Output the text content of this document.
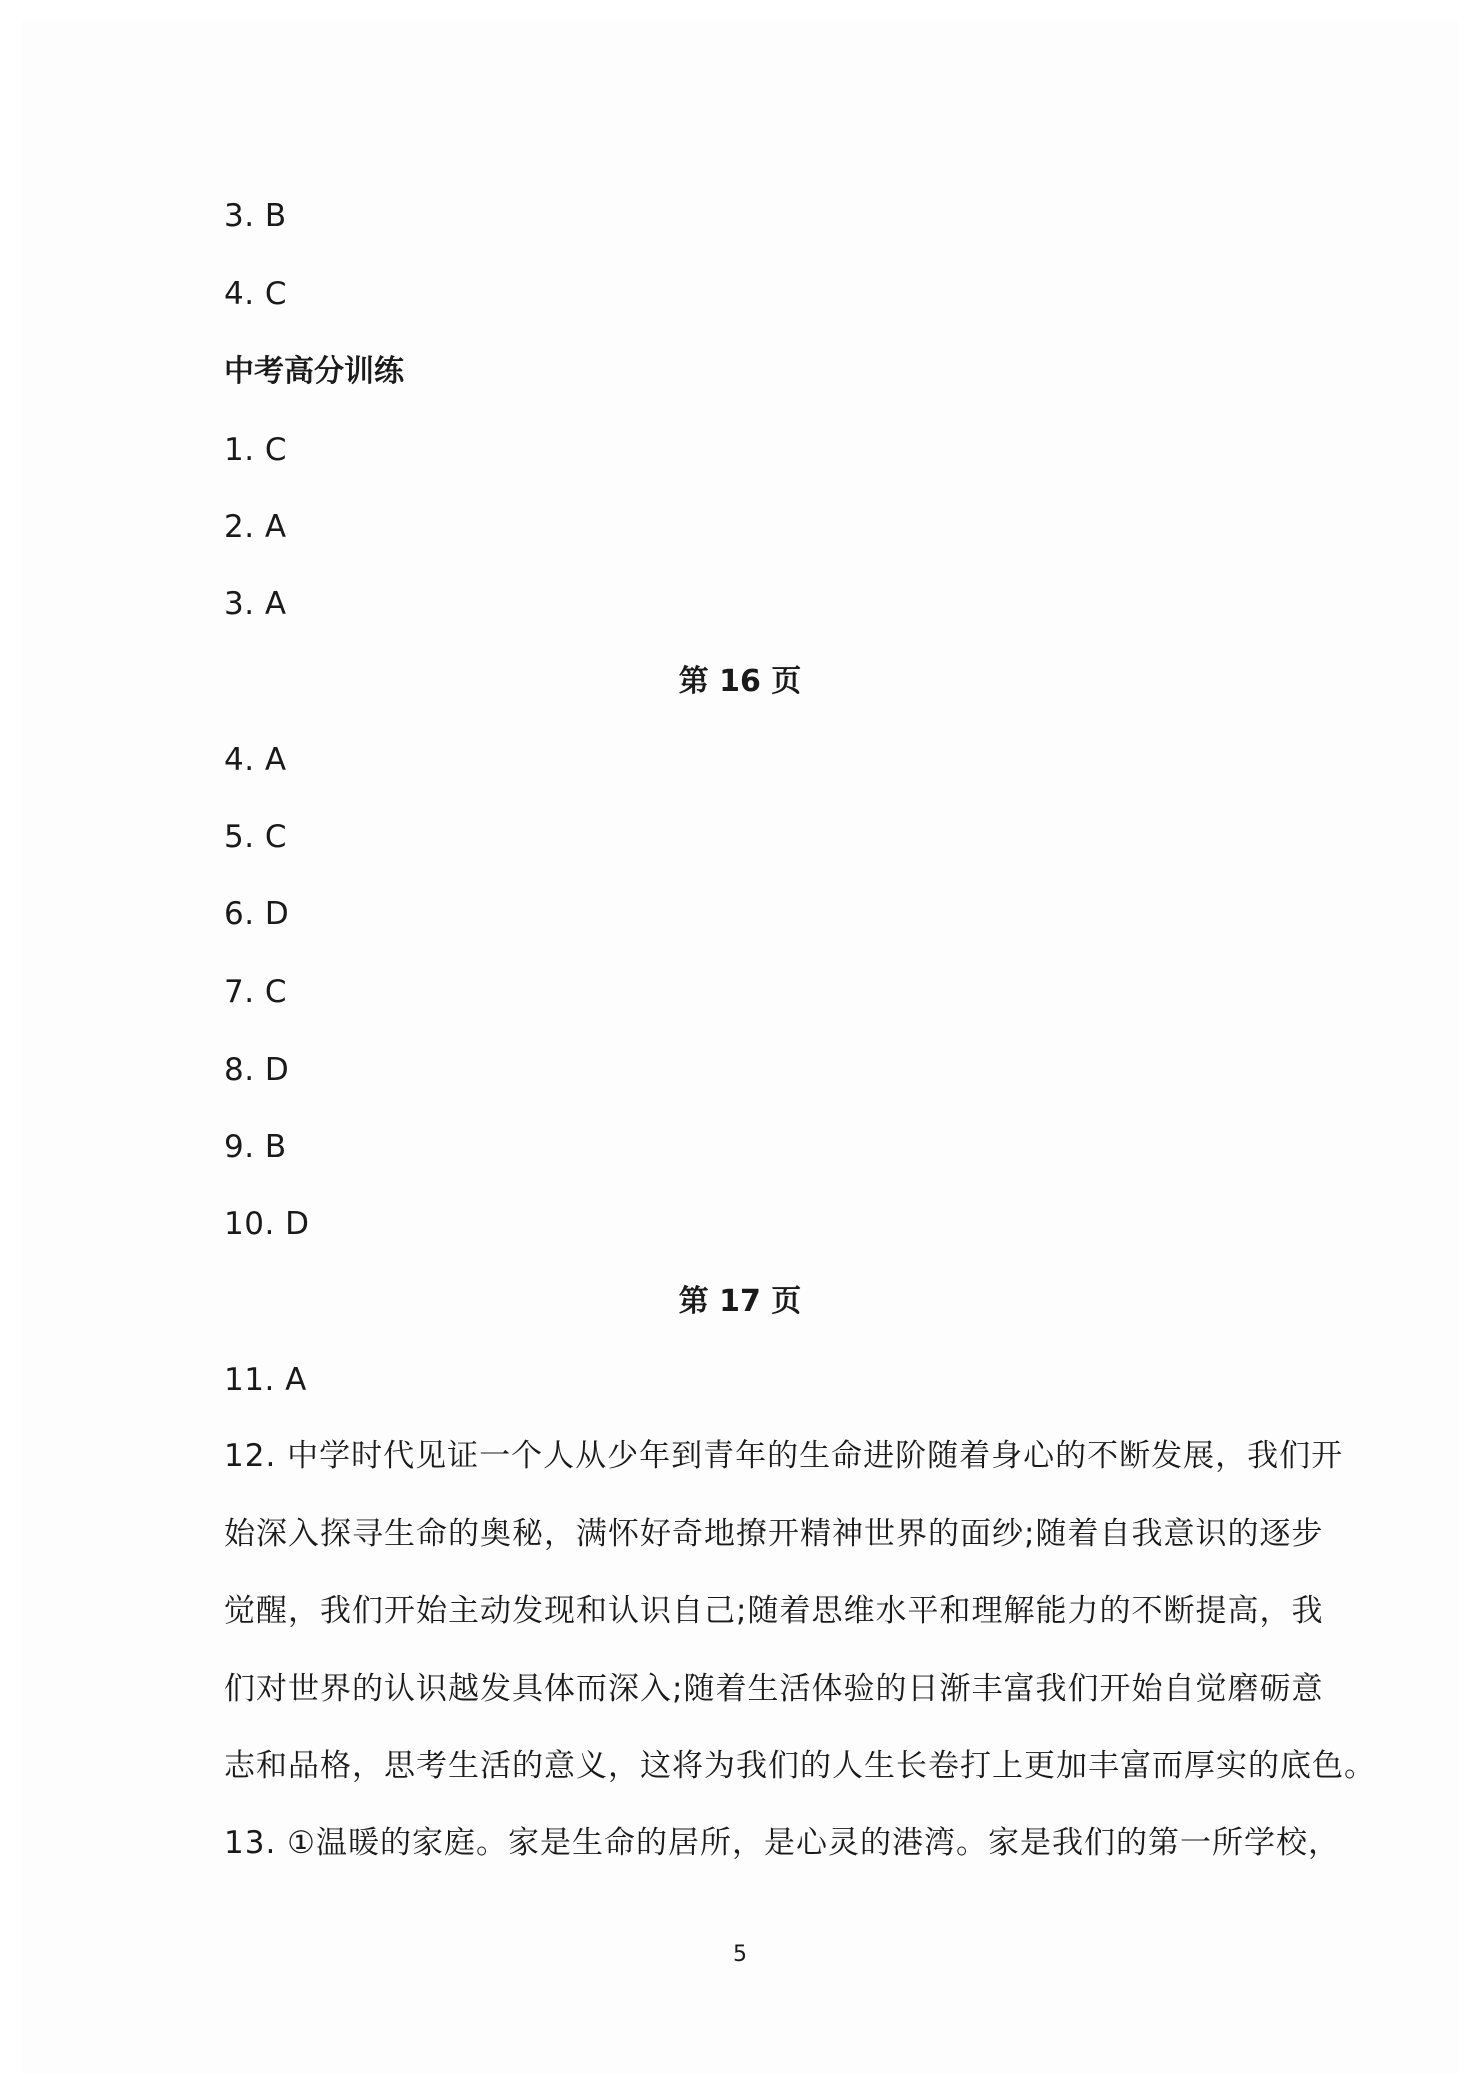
3. B
4. C
中考高分训练
1. C
2. A
3. A
第 16 页
4. A
5. C
6. D
7. C
8. D
9. B
10. D
第 17 页
11. A
12. 中学时代见证一个人从少年到青年的生命进阶随着身心的不断发展，我们开
始深入探寻生命的奥秘，满怀好奇地撩开精神世界的面纱;随着自我意识的逐步
觉醒，我们开始主动发现和认识自己;随着思维水平和理解能力的不断提高，我
们对世界的认识越发具体而深入;随着生活体验的日渐丰富我们开始自觉磨砺意
志和品格，思考生活的意义，这将为我们的人生长卷打上更加丰富而厚实的底色。
13. ①温暖的家庭。家是生命的居所，是心灵的港湾。家是我们的第一所学校，
5
